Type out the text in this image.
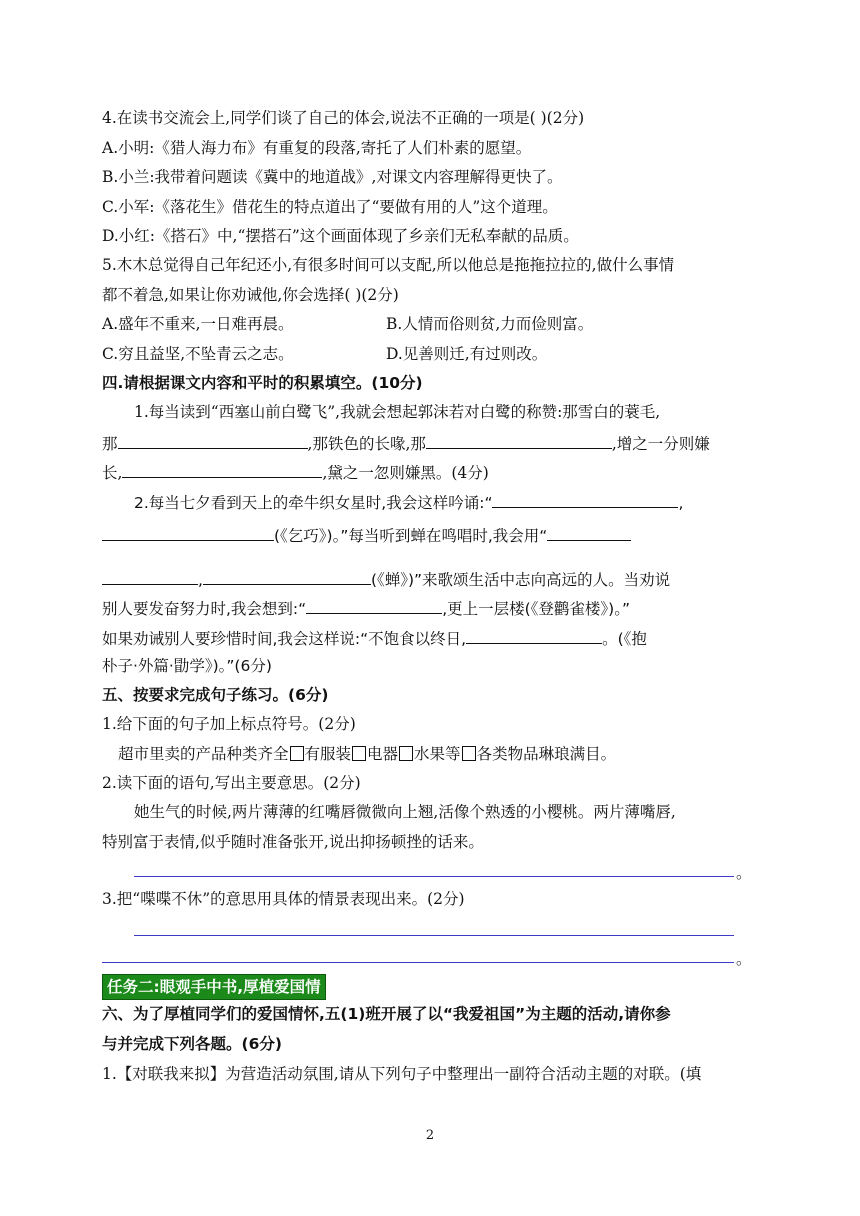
4.在读书交流会上,同学们谈了自己的体会,说法不正确的一项是( )(2分)
A.小明:《猎人海力布》有重复的段落,寄托了人们朴素的愿望。
B.小兰:我带着问题读《冀中的地道战》,对课文内容理解得更快了。
C.小军:《落花生》借花生的特点道出了“要做有用的人”这个道理。
D.小红:《搭石》中,“摆搭石”这个画面体现了乡亲们无私奉献的品质。
5.木木总觉得自己年纪还小,有很多时间可以支配,所以他总是拖拖拉拉的,做什么事情
都不着急,如果让你劝诫他,你会选择( )(2分)
A.盛年不重来,一日难再晨。	B.人情而俗则贫,力而俭则富。
C.穷且益坚,不坠青云之志。	D.见善则迁,有过则改。
四.请根据课文内容和平时的积累填空。(10分)
1.每当读到“西塞山前白鹭飞”,我就会想起郭沫若对白鹭的称赞:那雪白的蓑毛,
那	,那铁色的长喙,那	,增之一分则嫌
长,	,黛之一忽则嫌黑。(4分)
2.每当七夕看到天上的牵牛织女星时,我会这样吟诵:“	,
(《乞巧》)。”每当听到蝉在鸣唱时,我会用“
,	(《蝉》)”来歌颂生活中志向高远的人。当劝说
别人要发奋努力时,我会想到:“	,更上一层楼(《登鹳雀楼》)。”
如果劝诫别人要珍惜时间,我会这样说:“不饱食以终日,	。(《抱
朴子·外篇·勖学》)。”(6分)
五、按要求完成句子练习。(6分)
1.给下面的句子加上标点符号。(2分)
超市里卖的产品种类齐全 有服装 电器 水果等 各类物品琳琅满目。
2.读下面的语句,写出主要意思。(2分)
她生气的时候,两片薄薄的红嘴唇微微向上翘,活像个熟透的小樱桃。两片薄嘴唇,
特别富于表情,似乎随时准备张开,说出抑扬顿挫的话来。
。
3.把“喋喋不休”的意思用具体的情景表现出来。(2分)
。
任务二:眼观手中书,厚植爱国情
六、为了厚植同学们的爱国情怀,五(1)班开展了以“我爱祖国”为主题的活动,请你参
与并完成下列各题。(6分)
1.【对联我来拟】为营造活动氛围,请从下列句子中整理出一副符合活动主题的对联。(填
2
